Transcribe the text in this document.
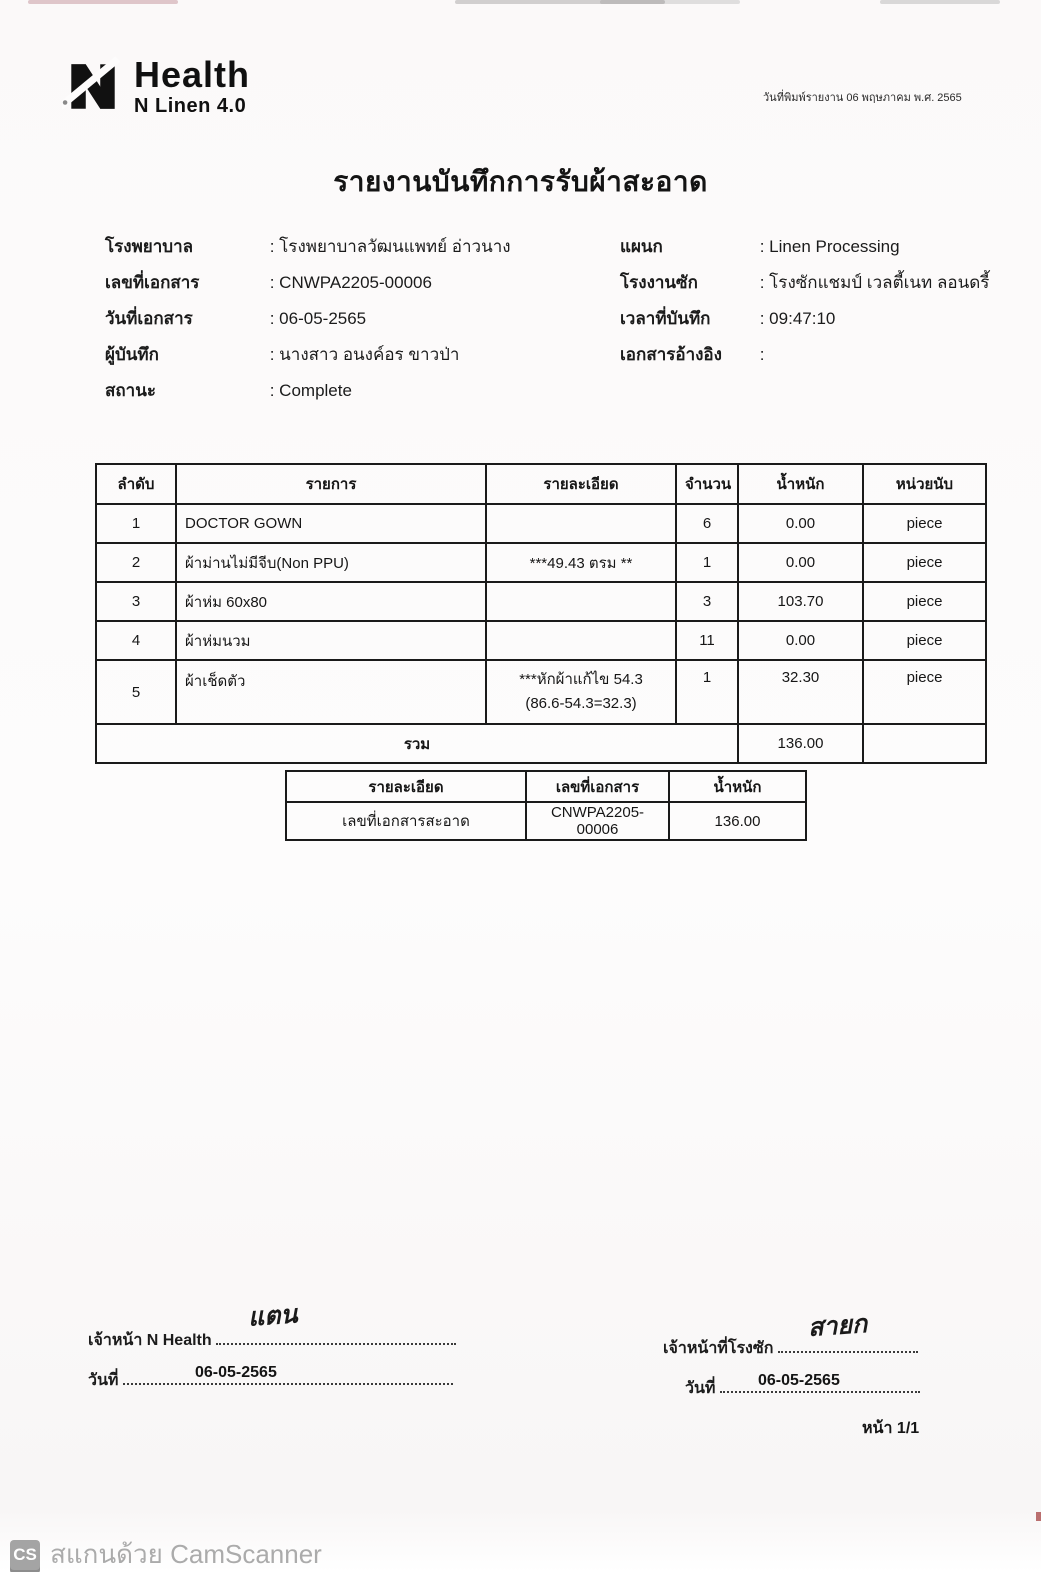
Health
N Linen 4.0	วันที่พิมพ์รายงาน 06 พฤษภาคม พ.ศ. 2565
รายงานบันทึกการรับผ้าสะอาด
โรงพยาบาล	: โรงพยาบาลวัฒนแพทย์ อ่าวนาง
เลขที่เอกสาร	: CNWPA2205-00006
วันที่เอกสาร	: 06-05-2565
ผู้บันทึก	: นางสาว อนงค์อร ขาวป่า
สถานะ	: Complete
แผนก	: Linen Processing
โรงงานซัก	: โรงซักแชมป์ เวลตี้เนท ลอนดรี้
เวลาที่บันทึก	: 09:47:10
เอกสารอ้างอิง :
ลำดับ	รายการ	รายละเอียด	จำนวน	น้ำหนัก	หน่วยนับ
1	DOCTOR GOWN		6	0.00	piece
2	ผ้าม่านไม่มีจีบ(Non PPU)	***49.43 ตรม **	1	0.00	piece
3	ผ้าห่ม 60x80		3	103.70	piece
4	ผ้าห่มนวม		11	0.00	piece
5	ผ้าเช็ดตัว	***หักผ้าแก้ไข 54.3
(86.6-54.3=32.3)	1	32.30	piece
รวม				136.00	
รายละเอียด	เลขที่เอกสาร	น้ำหนัก
เลขที่เอกสารสะอาด	CNWPA2205-00006	136.00
เจ้าหน้า N Health
แตน
วันที่	06-05-2565
เจ้าหน้าที่โรงซัก
สายก
วันที่	06-05-2565
หน้า 1/1
CS สแกนด้วย CamScanner
